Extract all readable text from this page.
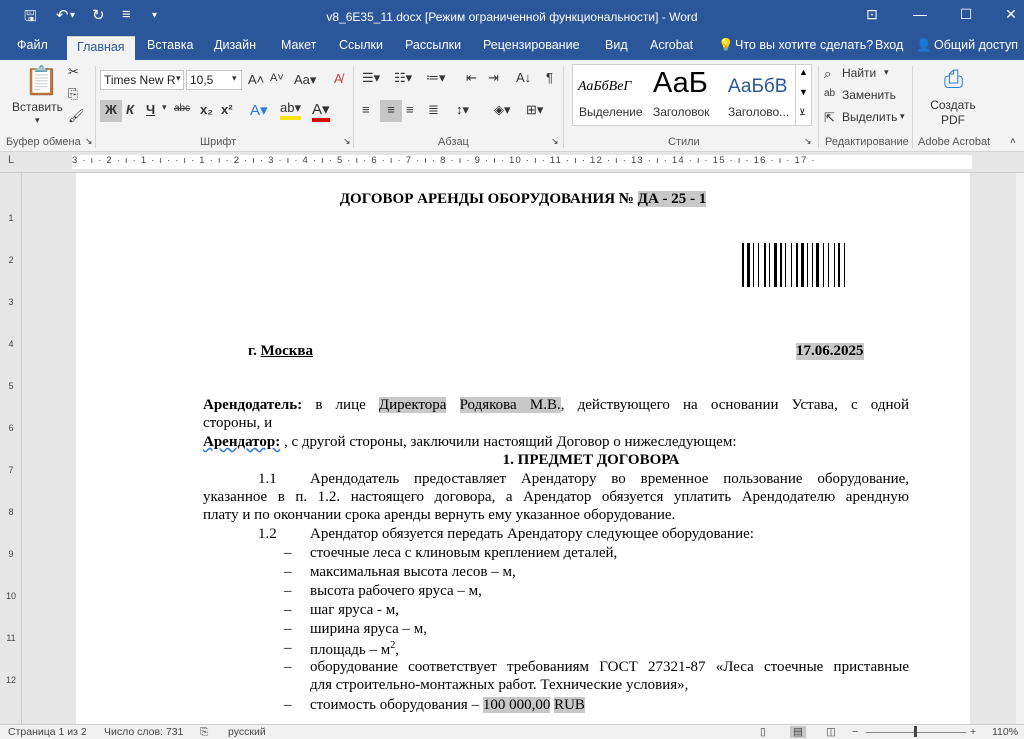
🖫 ↶ ▾ ↻ ≡ ▾	v8_6E35_11.docx [Режим ограниченной функциональности] - Word	⊡	—	☐	✕
Файл	Главная	Вставка Дизайн Макет Ссылки Рассылки Рецензирование Вид Acrobat 💡 Что вы хотите сделать? Вход 👤 Общий доступ
📋
Вставить
▾
✂
⎘
🖌
Буфер обмена ↘
Times New R ▾ 10,5	▾ A˄ A˅ Aa▾ A̸
Ж К Ч ▾ abc x₂ x² A▾ ab▾ A▾
Шрифт	↘
☰▾ ☷▾ ≔▾ ⇤ ⇥ A↓ ¶
≡	≡ ≡ ≣ ↕▾ ◈▾ ⊞▾
Абзац	↘
АаБбВеГ
Выделение
АаБ
Заголовок
АаБбВ
Заголово...
▲
▼
⊻
Стили	↘
⌕ Найти ▾
ab Заменить
⇱ Выделить ▾
Редактирование
⎙
Создать PDF
Adobe Acrobat ˄
L	3 · ı · 2 · ı · 1 · ı · · ı · 1 · ı · 2 · ı · 3 · ı · 4 · ı · 5 · ı · 6 · ı · 7 · ı · 8 · ı · 9 · ı · 10 · ı · 11 · ı · 12 · ı · 13 · ı · 14 · ı · 15 · ı · 16 · ı · 17 ·
1
2
3
4
5
6
7
8
9
10
11
12
ДОГОВОР АРЕНДЫ ОБОРУДОВАНИЯ № ДА - 25 - 1
г. Москва	17.06.2025
Арендодатель: в лице Директора Родякова М.В., действующего на основании Устава, с одной
стороны, и
Арендатор: , с другой стороны, заключили настоящий Договор о нижеследующем:
1. ПРЕДМЕТ ДОГОВОРА
1.1 Арендодатель предоставляет Арендатору во временное пользование оборудование,
указанное в п. 1.2. настоящего договора, а Арендатор обязуется уплатить Арендодателю арендную
плату и по окончании срока аренды вернуть ему указанное оборудование.
1.2 Арендатор обязуется передать Арендатору следующее оборудование:
– стоечные леса с клиновым креплением деталей,
– максимальная высота лесов – м,
– высота рабочего яруса – м,
– шаг яруса - м,
– ширина яруса – м,
– площадь – $м^2$,
– оборудование соответствует требованиям ГОСТ 27321-87 «Леса стоечные приставные
для строительно-монтажных работ. Технические условия»,
– стоимость оборудования – 100 000,00 RUB
Страница 1 из 2 Число слов: 731 ⎘ русский	▯	▤ ◫ −	+ 110%
